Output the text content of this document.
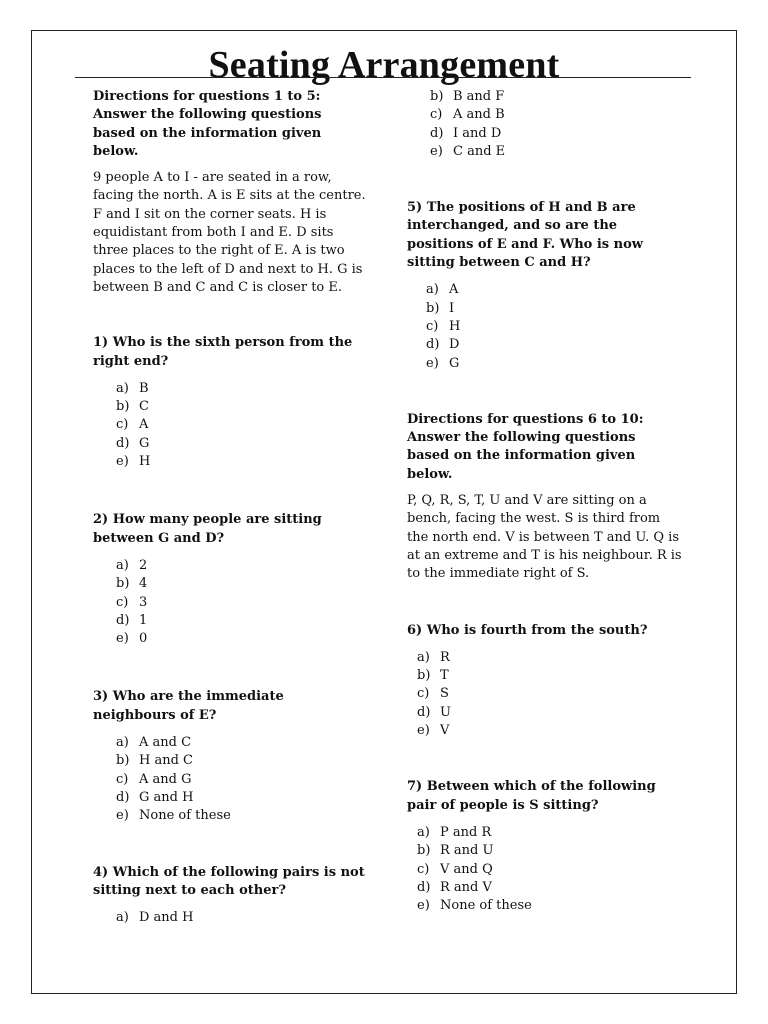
Seating Arrangement

Directions for questions 1 to 5: Answer the following questions based on the information given below.

9 people A to I - are seated in a row, facing the north. A is E sits at the centre. F and I sit on the corner seats. H is equidistant from both I and E. D sits three places to the right of E. A is two places to the left of D and next to H. G is between B and C and C is closer to E.

1) Who is the sixth person from the right end?

a) B
b) C
c) A
d) G
e) H

2) How many people are sitting between G and D?

a) 2
b) 4
c) 3
d) 1
e) 0

3) Who are the immediate neighbours of E?

a) A and C
b) H and C
c) A and G
d) G and H
e) None of these

4) Which of the following pairs is not sitting next to each other?

a) D and H
b) B and F
c) A and B
d) I and D
e) C and E

5) The positions of H and B are interchanged, and so are the positions of E and F. Who is now sitting between C and H?

a) A
b) I
c) H
d) D
e) G

Directions for questions 6 to 10: Answer the following questions based on the information given below.

P, Q, R, S, T, U and V are sitting on a bench, facing the west. S is third from the north end. V is between T and U. Q is at an extreme and T is his neighbour. R is to the immediate right of S.

6) Who is fourth from the south?

a) R
b) T
c) S
d) U
e) V

7) Between which of the following pair of people is S sitting?

a) P and R
b) R and U
c) V and Q
d) R and V
e) None of these
